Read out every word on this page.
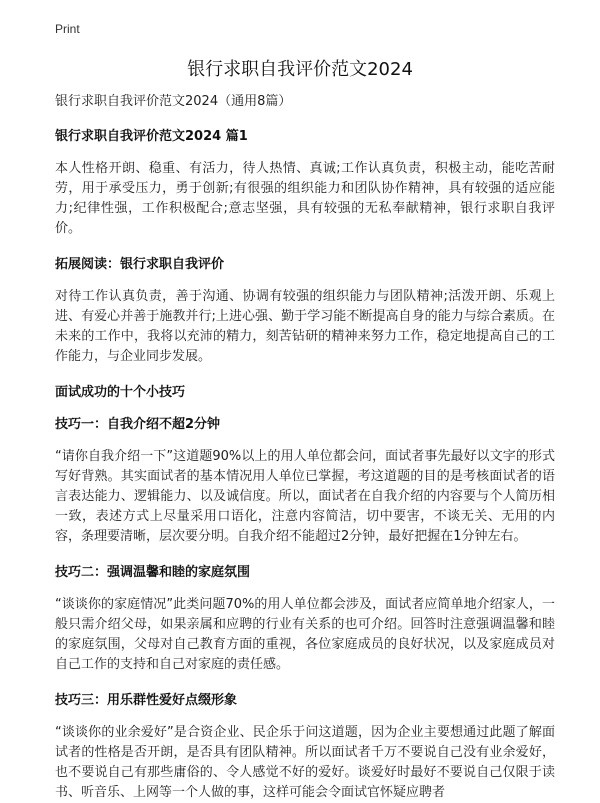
Print
银行求职自我评价范文2024

银行求职自我评价范文2024（通用8篇）

银行求职自我评价范文2024 篇1

本人性格开朗、稳重、有活力，待人热情、真诚;工作认真负责，积极主动，能吃苦耐劳，用于承受压力，勇于创新;有很强的组织能力和团队协作精神，具有较强的适应能力;纪律性强，工作积极配合;意志坚强，具有较强的无私奉献精神，银行求职自我评价。

拓展阅读：银行求职自我评价

对待工作认真负责，善于沟通、协调有较强的组织能力与团队精神;活泼开朗、乐观上进、有爱心并善于施教并行;上进心强、勤于学习能不断提高自身的能力与综合素质。在未来的工作中，我将以充沛的精力，刻苦钻研的精神来努力工作，稳定地提高自己的工作能力，与企业同步发展。

面试成功的十个小技巧
技巧一：自我介绍不超2分钟

“请你自我介绍一下”这道题90%以上的用人单位都会问，面试者事先最好以文字的形式写好背熟。其实面试者的基本情况用人单位已掌握，考这道题的目的是考核面试者的语言表达能力、逻辑能力、以及诚信度。所以，面试者在自我介绍的内容要与个人简历相一致，表述方式上尽量采用口语化，注意内容简洁，切中要害，不谈无关、无用的内容，条理要清晰，层次要分明。自我介绍不能超过2分钟，最好把握在1分钟左右。

技巧二：强调温馨和睦的家庭氛围

“谈谈你的家庭情况”此类问题70%的用人单位都会涉及，面试者应简单地介绍家人，一般只需介绍父母，如果亲属和应聘的行业有关系的也可介绍。回答时注意强调温馨和睦的家庭氛围，父母对自己教育方面的重视，各位家庭成员的良好状况，以及家庭成员对自己工作的支持和自己对家庭的责任感。

技巧三：用乐群性爱好点缀形象

“谈谈你的业余爱好”是合资企业、民企乐于问这道题，因为企业主要想通过此题了解面试者的性格是否开朗，是否具有团队精神。所以面试者千万不要说自己没有业余爱好，也不要说自己有那些庸俗的、令人感觉不好的爱好。谈爱好时最好不要说自己仅限于读书、听音乐、上网等一个人做的事，这样可能会令面试官怀疑应聘者
